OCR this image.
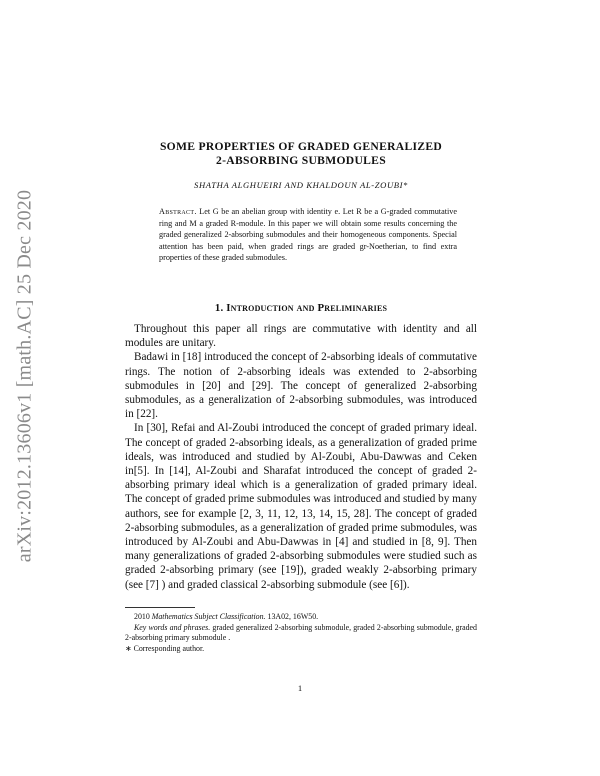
arXiv:2012.13606v1 [math.AC] 25 Dec 2020

SOME PROPERTIES OF GRADED GENERALIZED
2-ABSORBING SUBMODULES

SHATHA ALGHUEIRI AND KHALDOUN AL-ZOUBI*

Abstract. Let G be an abelian group with identity e. Let R be a G-graded commutative ring and M a graded R-module. In this paper we will obtain some results concerning the graded generalized 2-absorbing submodules and their homogeneous components. Special attention has been paid, when graded rings are graded gr-Noetherian, to find extra properties of these graded submodules.
1. Introduction and Preliminaries

Throughout this paper all rings are commutative with identity and all modules are unitary.

Badawi in [18] introduced the concept of 2-absorbing ideals of commutative rings. The notion of 2-absorbing ideals was extended to 2-absorbing submodules in [20] and [29]. The concept of generalized 2-absorbing submodules, as a generalization of 2-absorbing submodules, was introduced in [22].

In [30], Refai and Al-Zoubi introduced the concept of graded primary ideal. The concept of graded 2-absorbing ideals, as a generalization of graded prime ideals, was introduced and studied by Al-Zoubi, Abu-Dawwas and Ceken in[5]. In [14], Al-Zoubi and Sharafat introduced the concept of graded 2-absorbing primary ideal which is a generalization of graded primary ideal. The concept of graded prime submodules was introduced and studied by many authors, see for example [2, 3, 11, 12, 13, 14, 15, 28]. The concept of graded 2-absorbing submodules, as a generalization of graded prime submodules, was introduced by Al-Zoubi and Abu-Dawwas in [4] and studied in [8, 9]. Then many generalizations of graded 2-absorbing submodules were studied such as graded 2-absorbing primary (see [19]), graded weakly 2-absorbing primary (see [7] ) and graded classical 2-absorbing submodule (see [6]).

2010 Mathematics Subject Classification. 13A02, 16W50.

Key words and phrases. graded generalized 2-absorbing submodule, graded 2-absorbing submodule, graded 2-absorbing primary submodule .

∗ Corresponding author.

1
